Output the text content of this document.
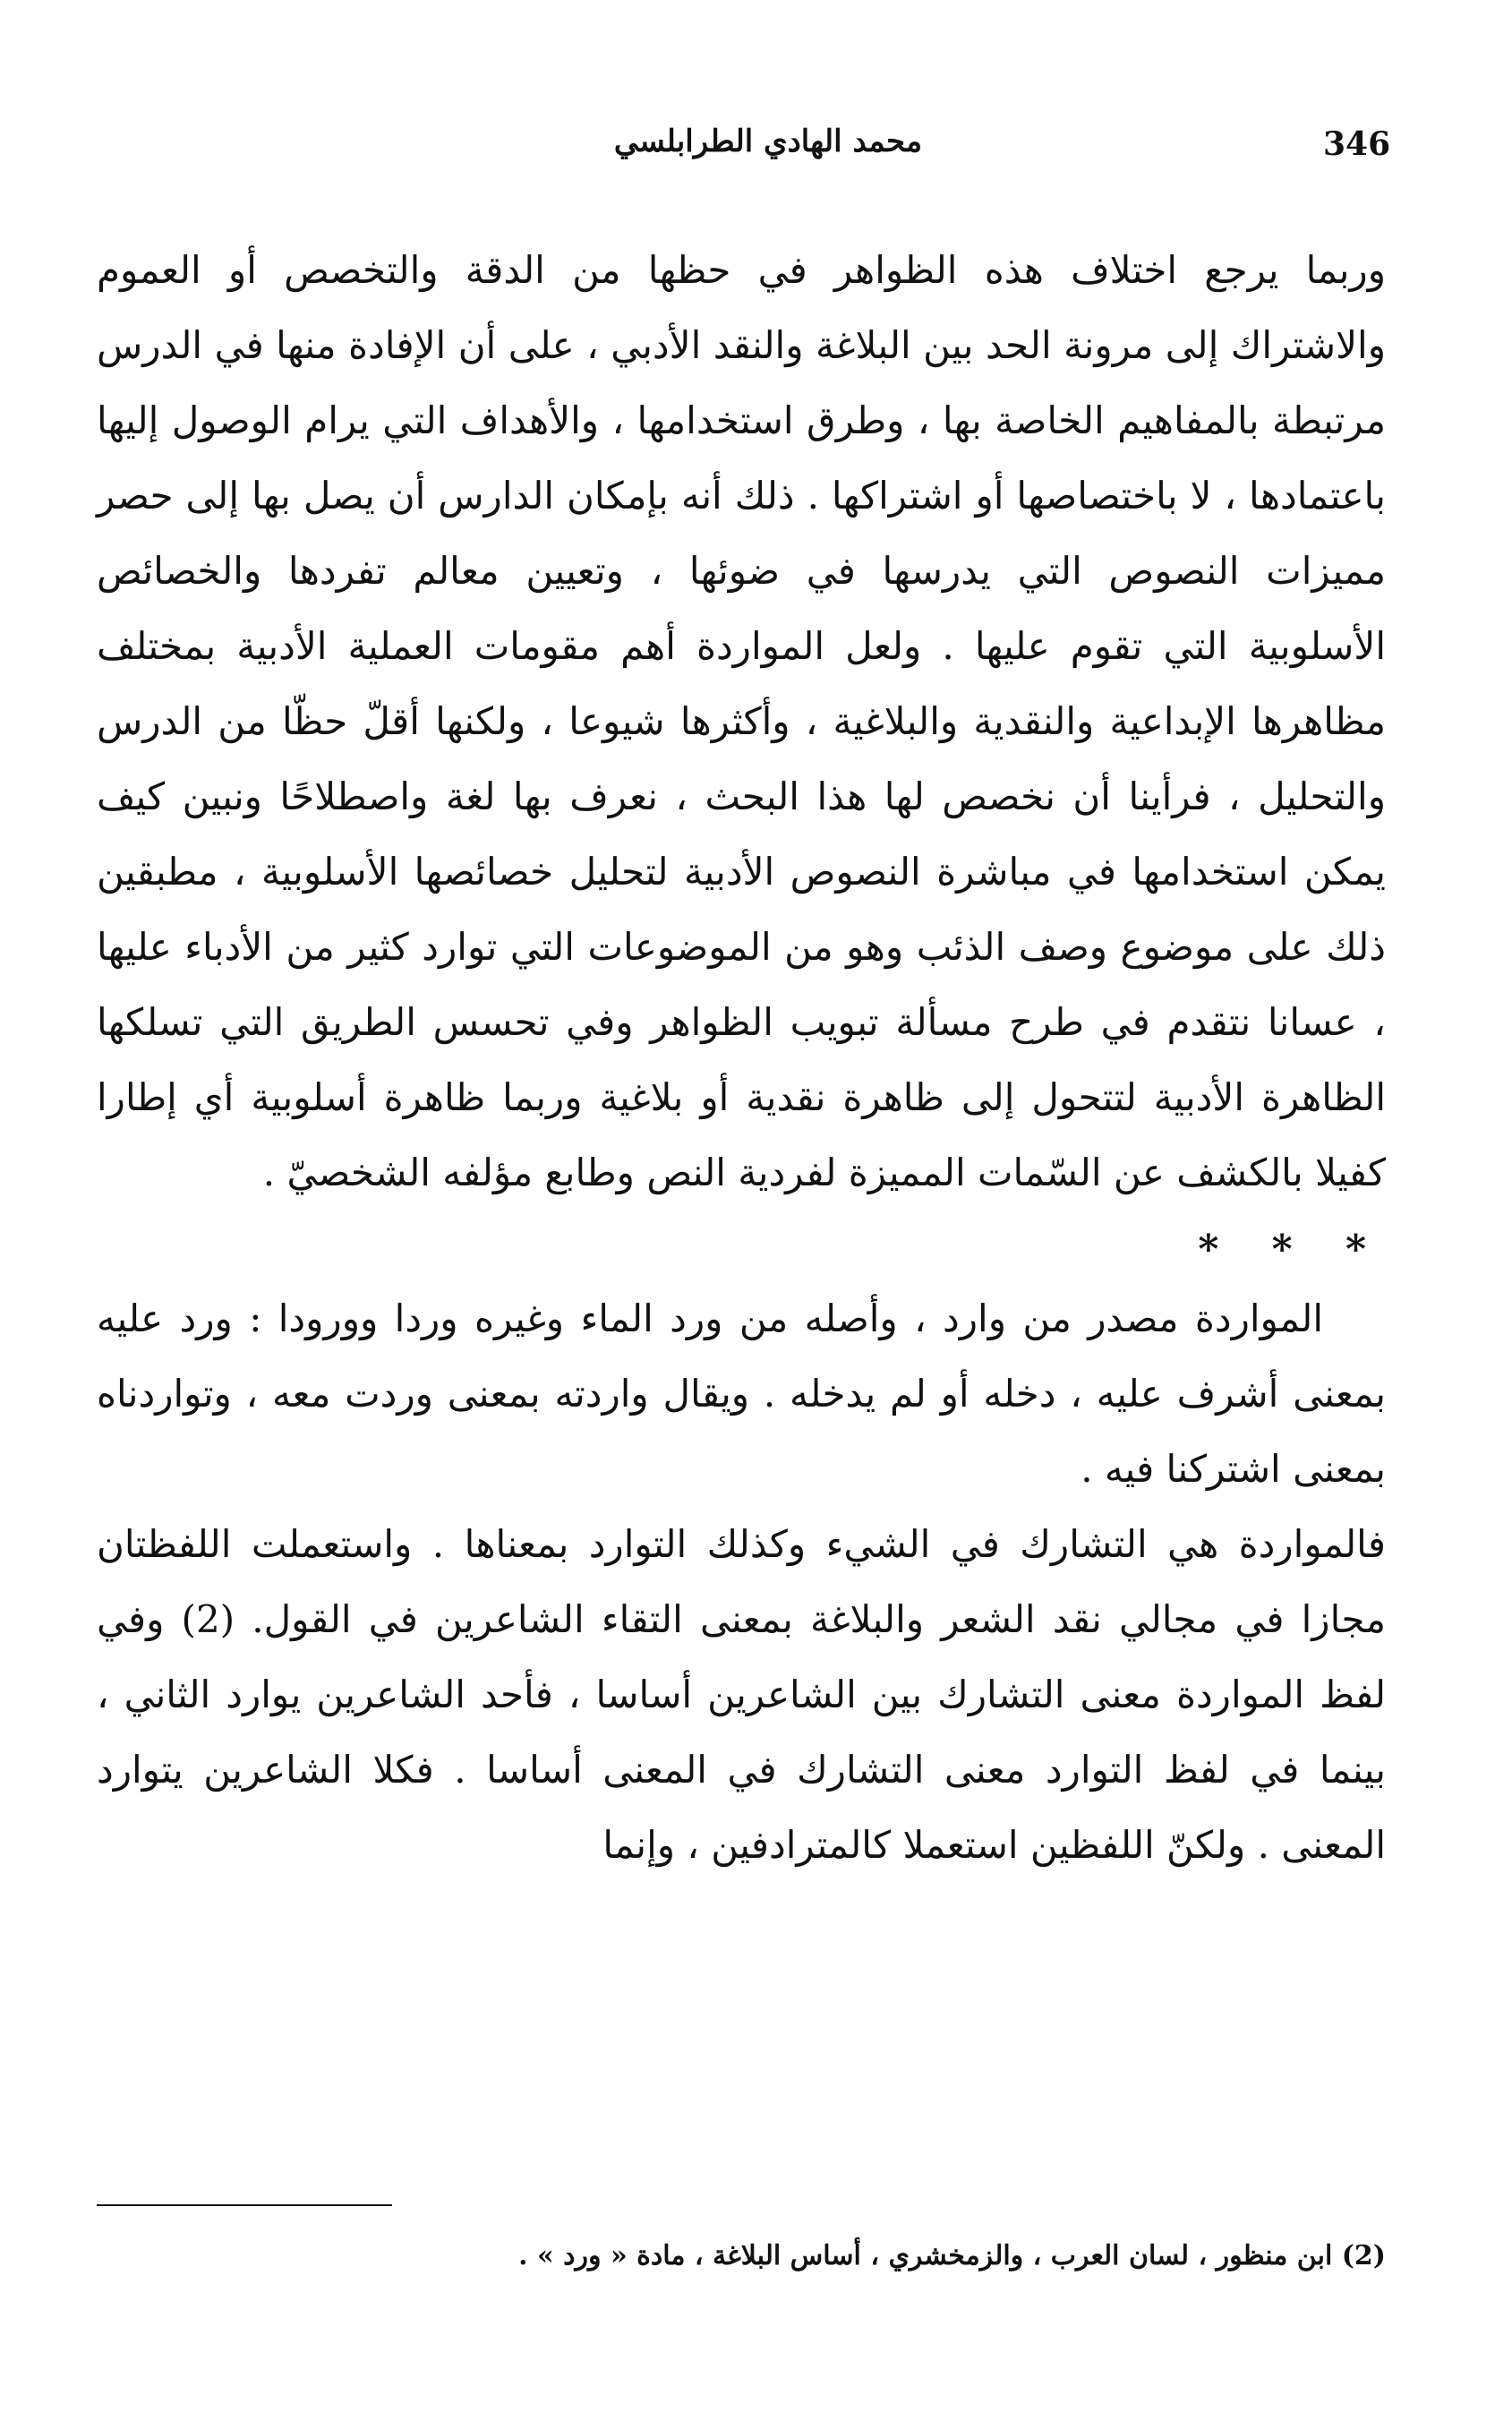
346
محمد الهادي الطرابلسي

وربما يرجع اختلاف هذه الظواهر في حظها من الدقة والتخصص أو العموم والاشتراك إلى مرونة الحد بين البلاغة والنقد الأدبي ، على أن الإفادة منها في الدرس مرتبطة بالمفاهيم الخاصة بها ، وطرق استخدامها ، والأهداف التي يرام الوصول إليها باعتمادها ، لا باختصاصها أو اشتراكها . ذلك أنه بإمكان الدارس أن يصل بها إلى حصر مميزات النصوص التي يدرسها في ضوئها ، وتعيين معالم تفردها والخصائص الأسلوبية التي تقوم عليها . ولعل المواردة أهم مقومات العملية الأدبية بمختلف مظاهرها الإبداعية والنقدية والبلاغية ، وأكثرها شيوعا ، ولكنها أقلّ حظّا من الدرس والتحليل ، فرأينا أن نخصص لها هذا البحث ، نعرف بها لغة واصطلاحًا ونبين كيف يمكن استخدامها في مباشرة النصوص الأدبية لتحليل خصائصها الأسلوبية ، مطبقين ذلك على موضوع وصف الذئب وهو من الموضوعات التي توارد كثير من الأدباء عليها ، عسانا نتقدم في طرح مسألة تبويب الظواهر وفي تحسس الطريق التي تسلكها الظاهرة الأدبية لتتحول إلى ظاهرة نقدية أو بلاغية وربما ظاهرة أسلوبية أي إطارا كفيلا بالكشف عن السّمات المميزة لفردية النص وطابع مؤلفه الشخصيّ .

* * *

المواردة مصدر من وارد ، وأصله من ورد الماء وغيره وردا وورودا : ورد عليه بمعنى أشرف عليه ، دخله أو لم يدخله . ويقال واردته بمعنى وردت معه ، وتواردناه بمعنى اشتركنا فيه .

فالمواردة هي التشارك في الشيء وكذلك التوارد بمعناها . واستعملت اللفظتان مجازا في مجالي نقد الشعر والبلاغة بمعنى التقاء الشاعرين في القول. (2) وفي لفظ المواردة معنى التشارك بين الشاعرين أساسا ، فأحد الشاعرين يوارد الثاني ، بينما في لفظ التوارد معنى التشارك في المعنى أساسا . فكلا الشاعرين يتوارد المعنى . ولكنّ اللفظين استعملا كالمترادفين ، وإنما

(2) ابن منظور ، لسان العرب ، والزمخشري ، أساس البلاغة ، مادة « ورد » .
